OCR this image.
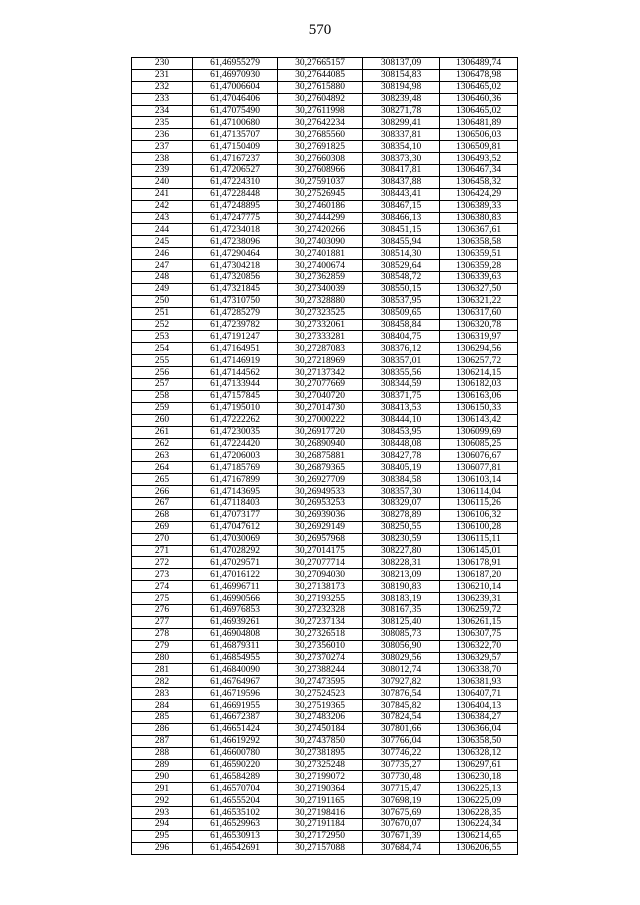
570
230	61,46955279	30,27665157	308137,09	1306489,74
231	61,46970930	30,27644085	308154,83	1306478,98
232	61,47006604	30,27615880	308194,98	1306465,02
233	61,47046406	30,27604892	308239,48	1306460,36
234	61,47075490	30,27611998	308271,78	1306465,02
235	61,47100680	30,27642234	308299,41	1306481,89
236	61,47135707	30,27685560	308337,81	1306506,03
237	61,47150409	30,27691825	308354,10	1306509,81
238	61,47167237	30,27660308	308373,30	1306493,52
239	61,47206527	30,27608966	308417,81	1306467,34
240	61,47224310	30,27591037	308437,88	1306458,32
241	61,47228448	30,27526945	308443,41	1306424,29
242	61,47248895	30,27460186	308467,15	1306389,33
243	61,47247775	30,27444299	308466,13	1306380,83
244	61,47234018	30,27420266	308451,15	1306367,61
245	61,47238096	30,27403090	308455,94	1306358,58
246	61,47290464	30,27401881	308514,30	1306359,51
247	61,47304218	30,27400674	308529,64	1306359,28
248	61,47320856	30,27362859	308548,72	1306339,63
249	61,47321845	30,27340039	308550,15	1306327,50
250	61,47310750	30,27328880	308537,95	1306321,22
251	61,47285279	30,27323525	308509,65	1306317,60
252	61,47239782	30,27332061	308458,84	1306320,78
253	61,47191247	30,27333281	308404,75	1306319,97
254	61,47164951	30,27287083	308376,12	1306294,56
255	61,47146919	30,27218969	308357,01	1306257,72
256	61,47144562	30,27137342	308355,56	1306214,15
257	61,47133944	30,27077669	308344,59	1306182,03
258	61,47157845	30,27040720	308371,75	1306163,06
259	61,47195010	30,27014730	308413,53	1306150,33
260	61,47222262	30,27000222	308444,10	1306143,42
261	61,47230035	30,26917720	308453,95	1306099,69
262	61,47224420	30,26890940	308448,08	1306085,25
263	61,47206003	30,26875881	308427,78	1306076,67
264	61,47185769	30,26879365	308405,19	1306077,81
265	61,47167899	30,26927709	308384,58	1306103,14
266	61,47143695	30,26949533	308357,30	1306114,04
267	61,47118403	30,26953253	308329,07	1306115,26
268	61,47073177	30,26939036	308278,89	1306106,32
269	61,47047612	30,26929149	308250,55	1306100,28
270	61,47030069	30,26957968	308230,59	1306115,11
271	61,47028292	30,27014175	308227,80	1306145,01
272	61,47029571	30,27077714	308228,31	1306178,91
273	61,47016122	30,27094030	308213,09	1306187,20
274	61,46996711	30,27138173	308190,83	1306210,14
275	61,46990566	30,27193255	308183,19	1306239,31
276	61,46976853	30,27232328	308167,35	1306259,72
277	61,46939261	30,27237134	308125,40	1306261,15
278	61,46904808	30,27326518	308085,73	1306307,75
279	61,46879311	30,27356010	308056,90	1306322,70
280	61,46854955	30,27370274	308029,56	1306329,57
281	61,46840090	30,27388244	308012,74	1306338,70
282	61,46764967	30,27473595	307927,82	1306381,93
283	61,46719596	30,27524523	307876,54	1306407,71
284	61,46691955	30,27519365	307845,82	1306404,13
285	61,46672387	30,27483206	307824,54	1306384,27
286	61,46651424	30,27450184	307801,66	1306366,04
287	61,46619292	30,27437850	307766,04	1306358,50
288	61,46600780	30,27381895	307746,22	1306328,12
289	61,46590220	30,27325248	307735,27	1306297,61
290	61,46584289	30,27199072	307730,48	1306230,18
291	61,46570704	30,27190364	307715,47	1306225,13
292	61,46555204	30,27191165	307698,19	1306225,09
293	61,46535102	30,27198416	307675,69	1306228,35
294	61,46529963	30,27191184	307670,07	1306224,34
295	61,46530913	30,27172950	307671,39	1306214,65
296	61,46542691	30,27157088	307684,74	1306206,55
